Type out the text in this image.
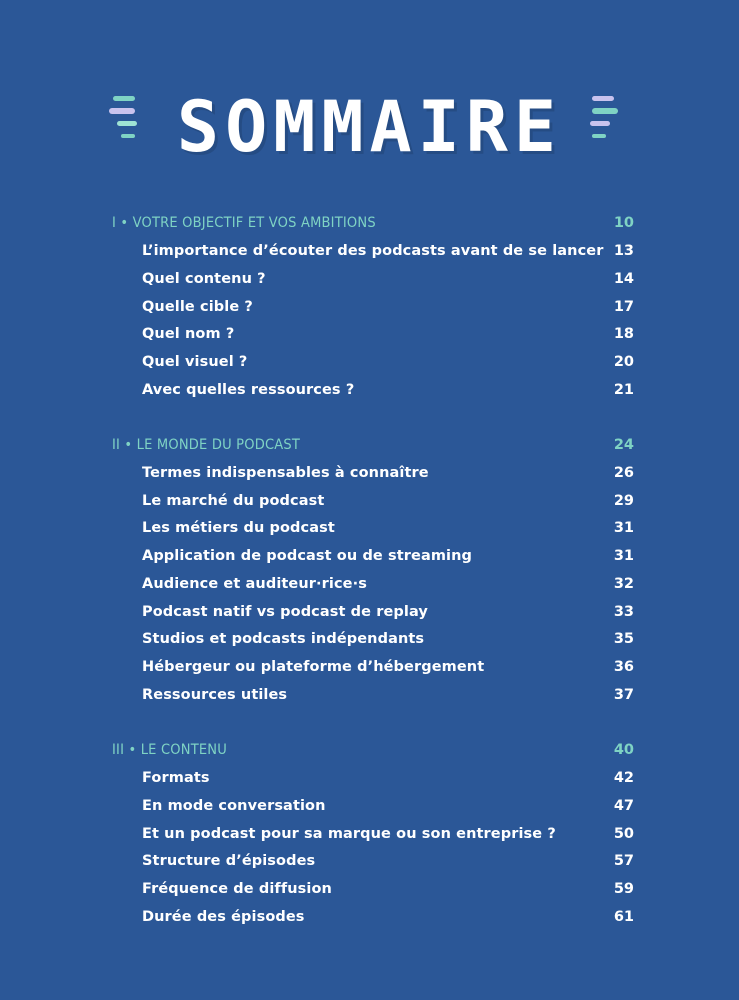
SOMMAIRE
I • VOTRE OBJECTIF ET VOS AMBITIONS	10
L’importance d’écouter des podcasts avant de se lancer 13
Quel contenu ?	14
Quelle cible ?	17
Quel nom ?	18
Quel visuel ?	20
Avec quelles ressources ?	21
II • LE MONDE DU PODCAST	24
Termes indispensables à connaître	26
Le marché du podcast	29
Les métiers du podcast	31
Application de podcast ou de streaming	31
Audience et auditeur·rice·s	32
Podcast natif vs podcast de replay	33
Studios et podcasts indépendants	35
Hébergeur ou plateforme d’hébergement	36
Ressources utiles	37
III • LE CONTENU	40
Formats	42
En mode conversation	47
Et un podcast pour sa marque ou son entreprise ?	50
Structure d’épisodes	57
Fréquence de diffusion	59
Durée des épisodes	61
